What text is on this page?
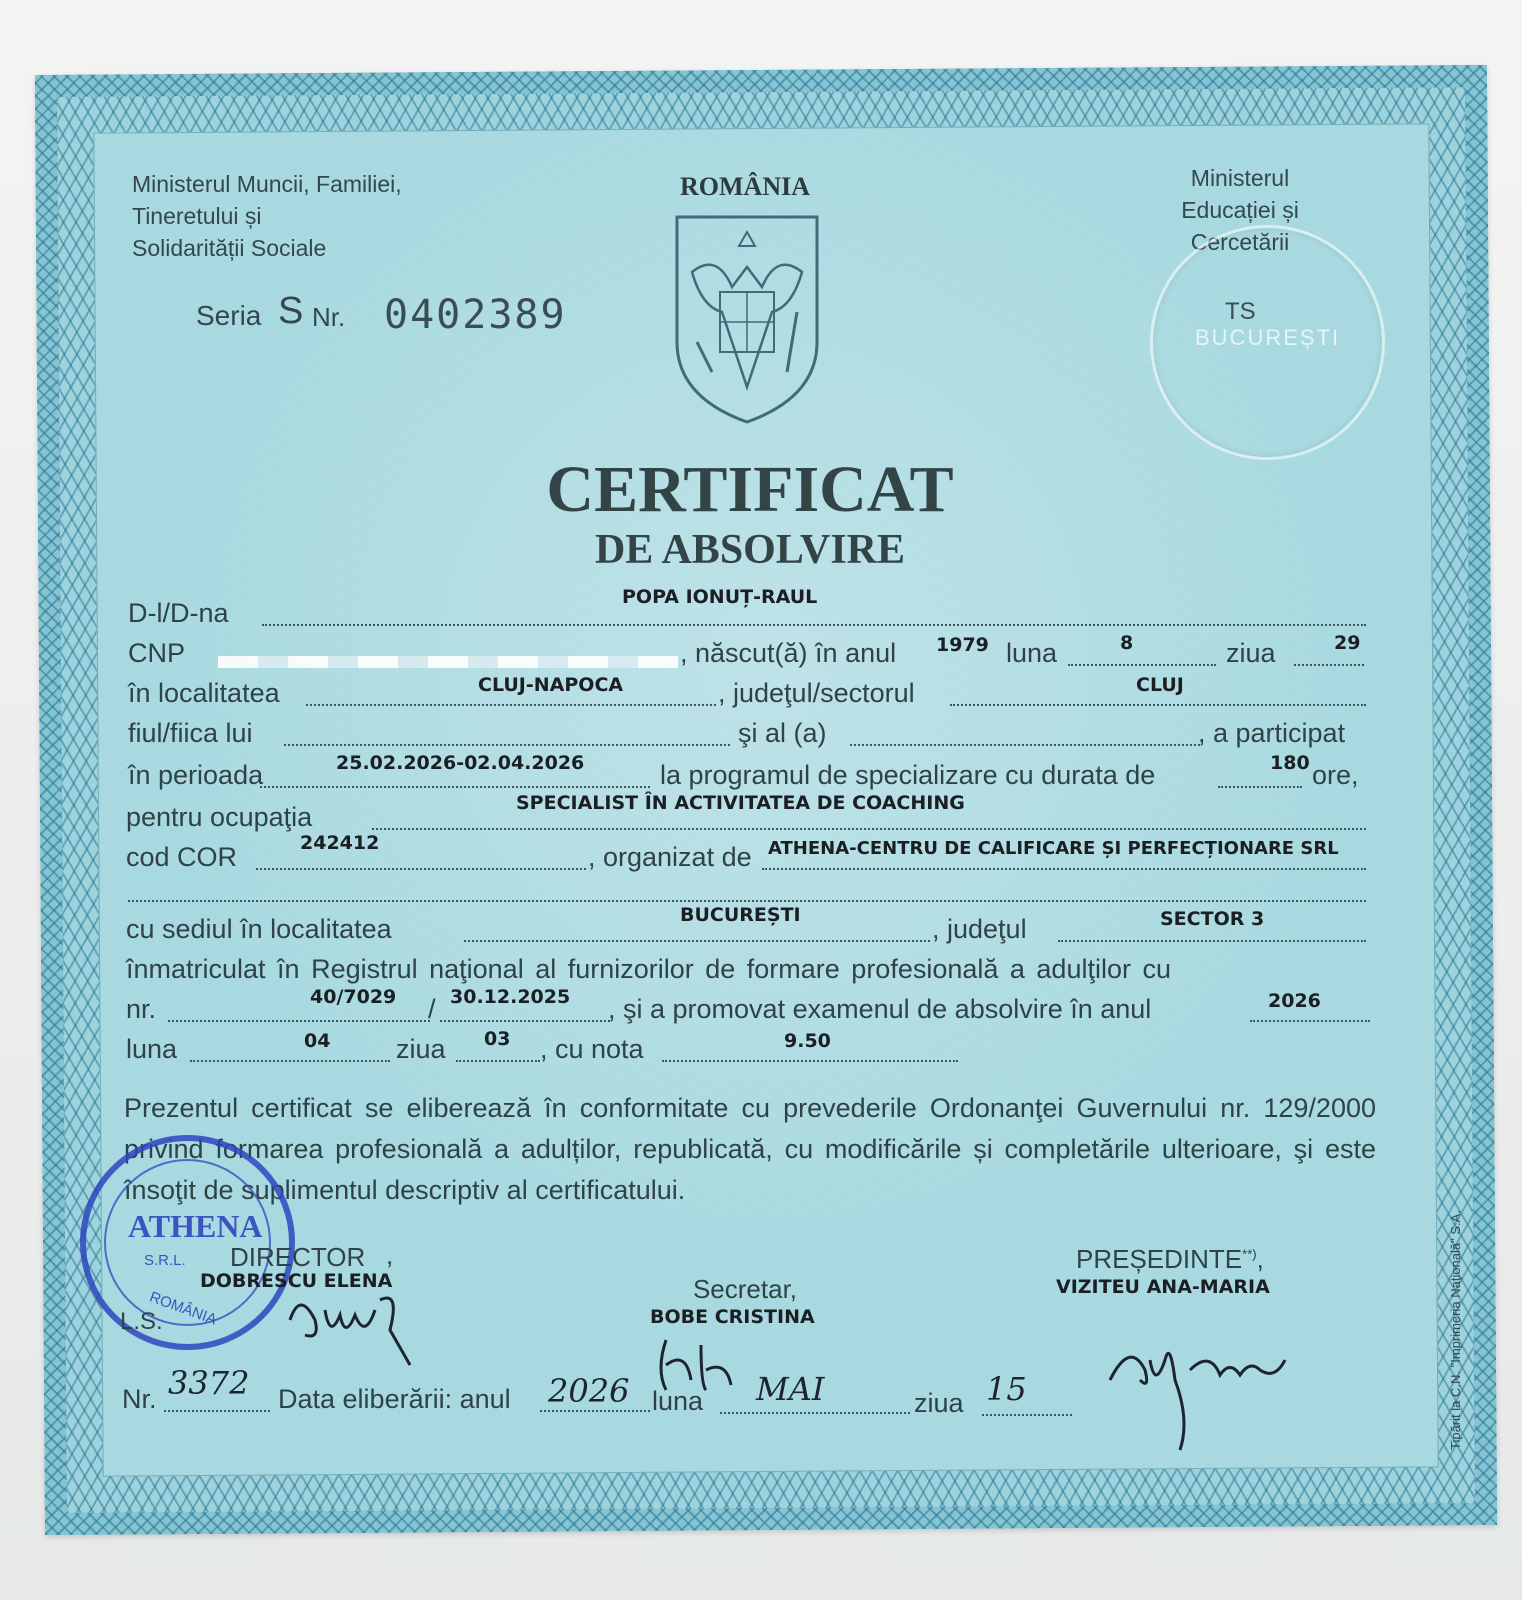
Ministerul Muncii, Familiei,
Tineretului și
Solidarității Sociale
ROMÂNIA	Ministerul
Educației și
Cercetării
TS
BUCUREȘTI
Seria S Nr. 0402389
CERTIFICAT
DE ABSOLVIRE
POPA IONUȚ-RAUL
D-l/D-na
CNP	, născut(ă) în anul 1979 luna	8	ziua	29
în localitatea	CLUJ-NAPOCA	, judeţul/sectorul	CLUJ
fiul/fiica lui	şi al (a)	, a participat
în perioada	25.02.2026-02.04.2026	la programul de specializare cu durata de	180 ore,
pentru ocupaţia	SPECIALIST ÎN ACTIVITATEA DE COACHING
cod COR	242412	, organizat de ATHENA-CENTRU DE CALIFICARE ȘI PERFECȚIONARE SRL
cu sediul în localitatea	BUCUREȘTI	, judeţul	SECTOR 3
înmatriculat în Registrul naţional al furnizorilor de formare profesională a adulţilor cu
nr.	40/7029 / 30.12.2025 , şi a promovat examenul de absolvire în anul	2026
luna	04 ziua 03 , cu nota	9.50
Prezentul certificat se eliberează în conformitate cu prevederile Ordonanţei Guvernului nr. 129/2000 privind formarea profesională a adulților, republicată, cu modificările și completările ulterioare, şi este însoţit de suplimentul descriptiv al certificatului.
ATHENA
S.R.L.
ROMÂNIA
DIRECTOR ,
DOBRESCU ELENA
L.S.
Secretar,
BOBE CRISTINA
PREȘEDINTE**),
VIZITEU ANA-MARIA
Nr. 3372 Data eliberării: anul 2026 luna MAI	ziua 15	Tipărit la C.N. "Imprimeria Naţională" S.A.
